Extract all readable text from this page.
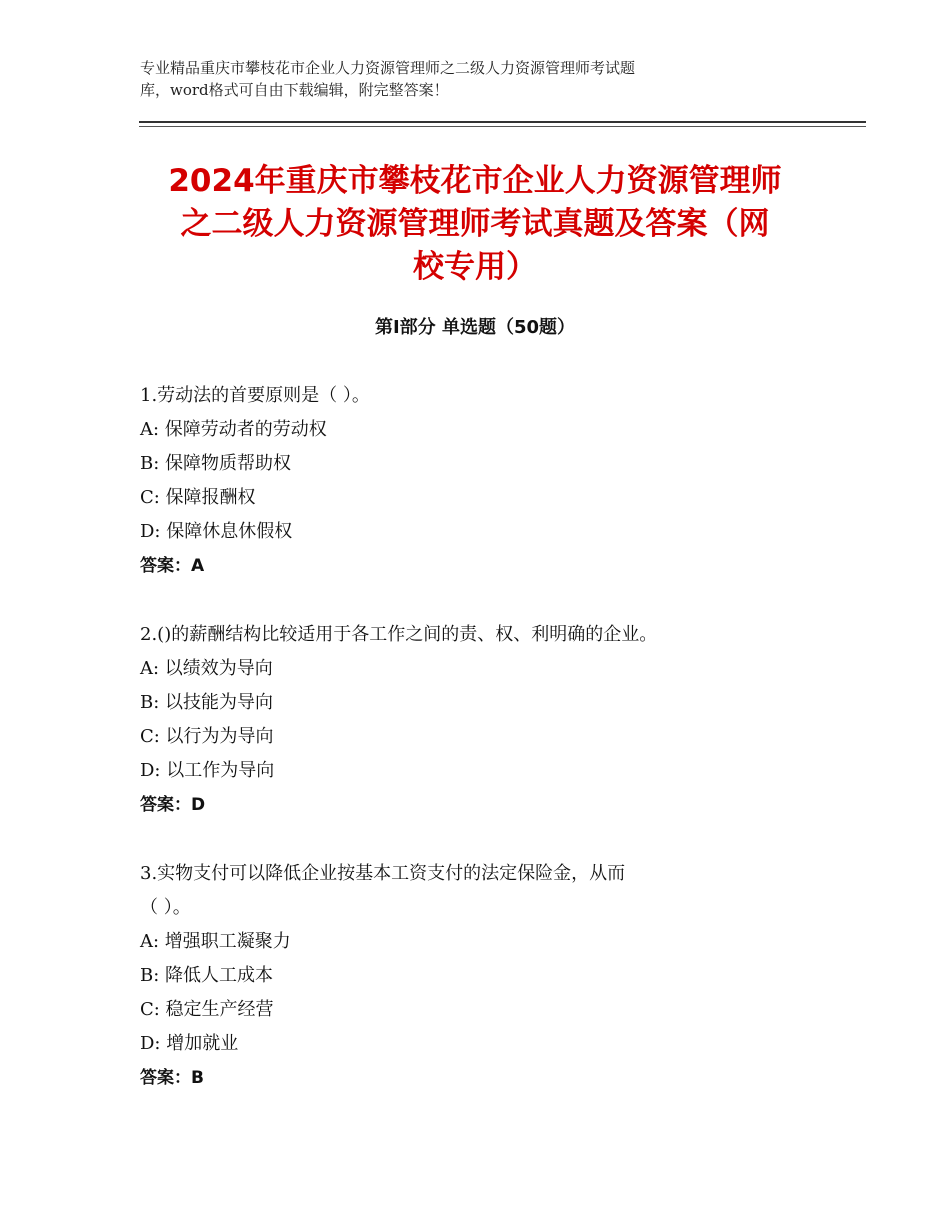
专业精品重庆市攀枝花市企业人力资源管理师之二级人力资源管理师考试题
库，word格式可自由下载编辑，附完整答案！
2024年重庆市攀枝花市企业人力资源管理师
之二级人力资源管理师考试真题及答案（网
校专用）
第Ⅰ部分 单选题（50题）
1.劳动法的首要原则是（ ）。
A: 保障劳动者的劳动权
B: 保障物质帮助权
C: 保障报酬权
D: 保障休息休假权
答案：A
2.()的薪酬结构比较适用于各工作之间的责、权、利明确的企业。
A: 以绩效为导向
B: 以技能为导向
C: 以行为为导向
D: 以工作为导向
答案：D
3.实物支付可以降低企业按基本工资支付的法定保险金，从而
（ ）。
A: 增强职工凝聚力
B: 降低人工成本
C: 稳定生产经营
D: 增加就业
答案：B
